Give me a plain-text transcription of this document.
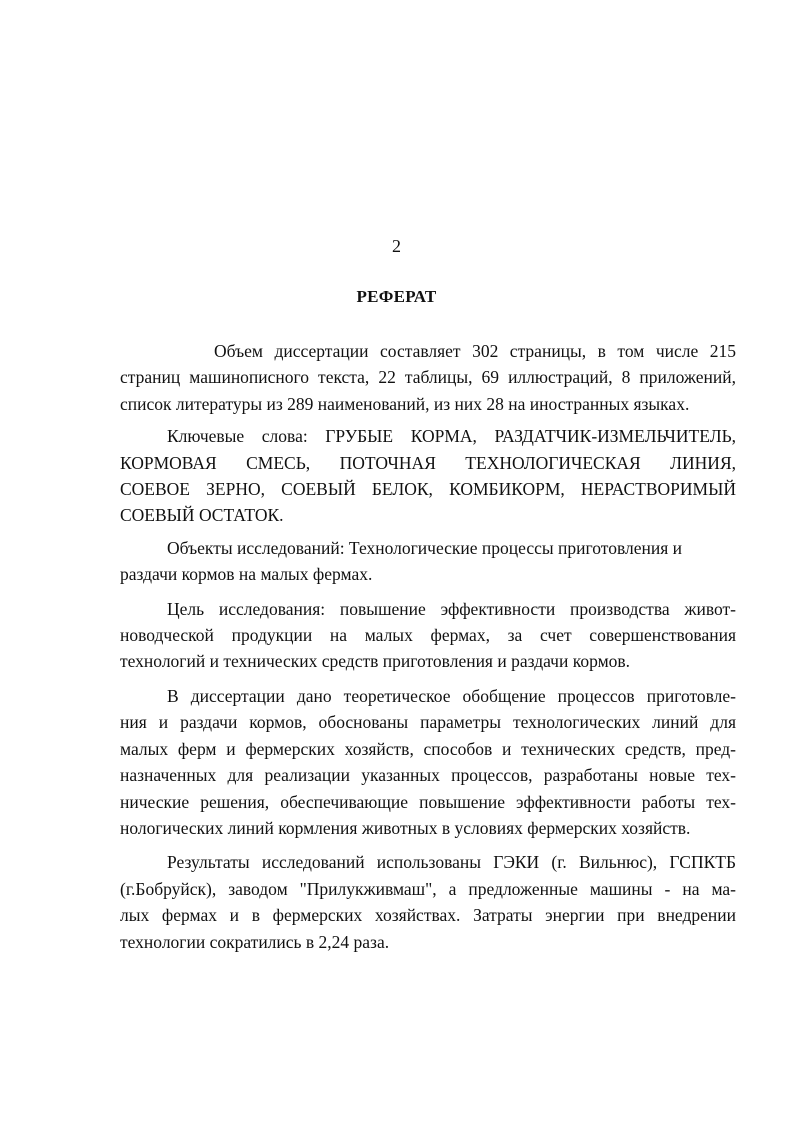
2
РЕФЕРАТ

Объем диссертации составляет 302 страницы, в том числе 215
страниц машинописного текста, 22 таблицы, 69 иллюстраций, 8 приложений,
список литературы из 289 наименований, из них 28 на иностранных языках.

Ключевые слова: ГРУБЫЕ КОРМА, РАЗДАТЧИК-ИЗМЕЛЬЧИТЕЛЬ,
КОРМОВАЯ СМЕСЬ, ПОТОЧНАЯ ТЕХНОЛОГИЧЕСКАЯ ЛИНИЯ,
СОЕВОЕ ЗЕРНО, СОЕВЫЙ БЕЛОК, КОМБИКОРМ, НЕРАСТВОРИМЫЙ
СОЕВЫЙ ОСТАТОК.

Объекты исследований: Технологические процессы приготовления и
раздачи кормов на малых фермах.

Цель исследования: повышение эффективности производства живот-
новодческой продукции на малых фермах, за счет совершенствования
технологий и технических средств приготовления и раздачи кормов.

В диссертации дано теоретическое обобщение процессов приготовле-
ния и раздачи кормов, обоснованы параметры технологических линий для
малых ферм и фермерских хозяйств, способов и технических средств, пред-
назначенных для реализации указанных процессов, разработаны новые тех-
нические решения, обеспечивающие повышение эффективности работы тех-
нологических линий кормления животных в условиях фермерских хозяйств.

Результаты исследований использованы ГЭКИ (г. Вильнюс), ГСПКТБ
(г.Бобруйск), заводом "Прилукживмаш", а предложенные машины - на ма-
лых фермах и в фермерских хозяйствах. Затраты энергии при внедрении
технологии сократились в 2,24 раза.
